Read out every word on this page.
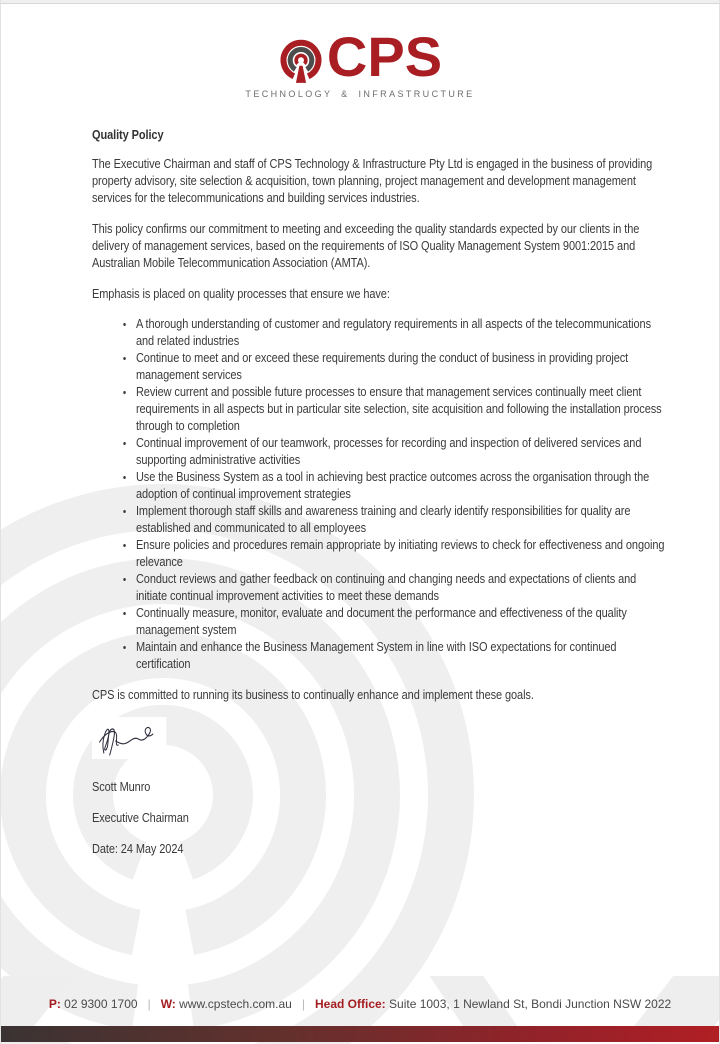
CPS
TECHNOLOGY & INFRASTRUCTURE
Quality Policy

The Executive Chairman and staff of CPS Technology & Infrastructure Pty Ltd is engaged in the business of providing property advisory, site selection & acquisition, town planning, project management and development management services for the telecommunications and building services industries.

This policy confirms our commitment to meeting and exceeding the quality standards expected by our clients in the delivery of management services, based on the requirements of ISO Quality Management System 9001:2015 and Australian Mobile Telecommunication Association (AMTA).

Emphasis is placed on quality processes that ensure we have:

• A thorough understanding of customer and regulatory requirements in all aspects of the telecommunications and related industries
• Continue to meet and or exceed these requirements during the conduct of business in providing project management services
• Review current and possible future processes to ensure that management services continually meet client requirements in all aspects but in particular site selection, site acquisition and following the installation process through to completion
• Continual improvement of our teamwork, processes for recording and inspection of delivered services and supporting administrative activities
• Use the Business System as a tool in achieving best practice outcomes across the organisation through the adoption of continual improvement strategies
• Implement thorough staff skills and awareness training and clearly identify responsibilities for quality are established and communicated to all employees
• Ensure policies and procedures remain appropriate by initiating reviews to check for effectiveness and ongoing relevance
• Conduct reviews and gather feedback on continuing and changing needs and expectations of clients and initiate continual improvement activities to meet these demands
• Continually measure, monitor, evaluate and document the performance and effectiveness of the quality management system
• Maintain and enhance the Business Management System in line with ISO expectations for continued certification

CPS is committed to running its business to continually enhance and implement these goals.

Scott Munro

Executive Chairman

Date: 24 May 2024

P: 02 9300 1700 | W: www.cpstech.com.au | Head Office: Suite 1003, 1 Newland St, Bondi Junction NSW 2022
